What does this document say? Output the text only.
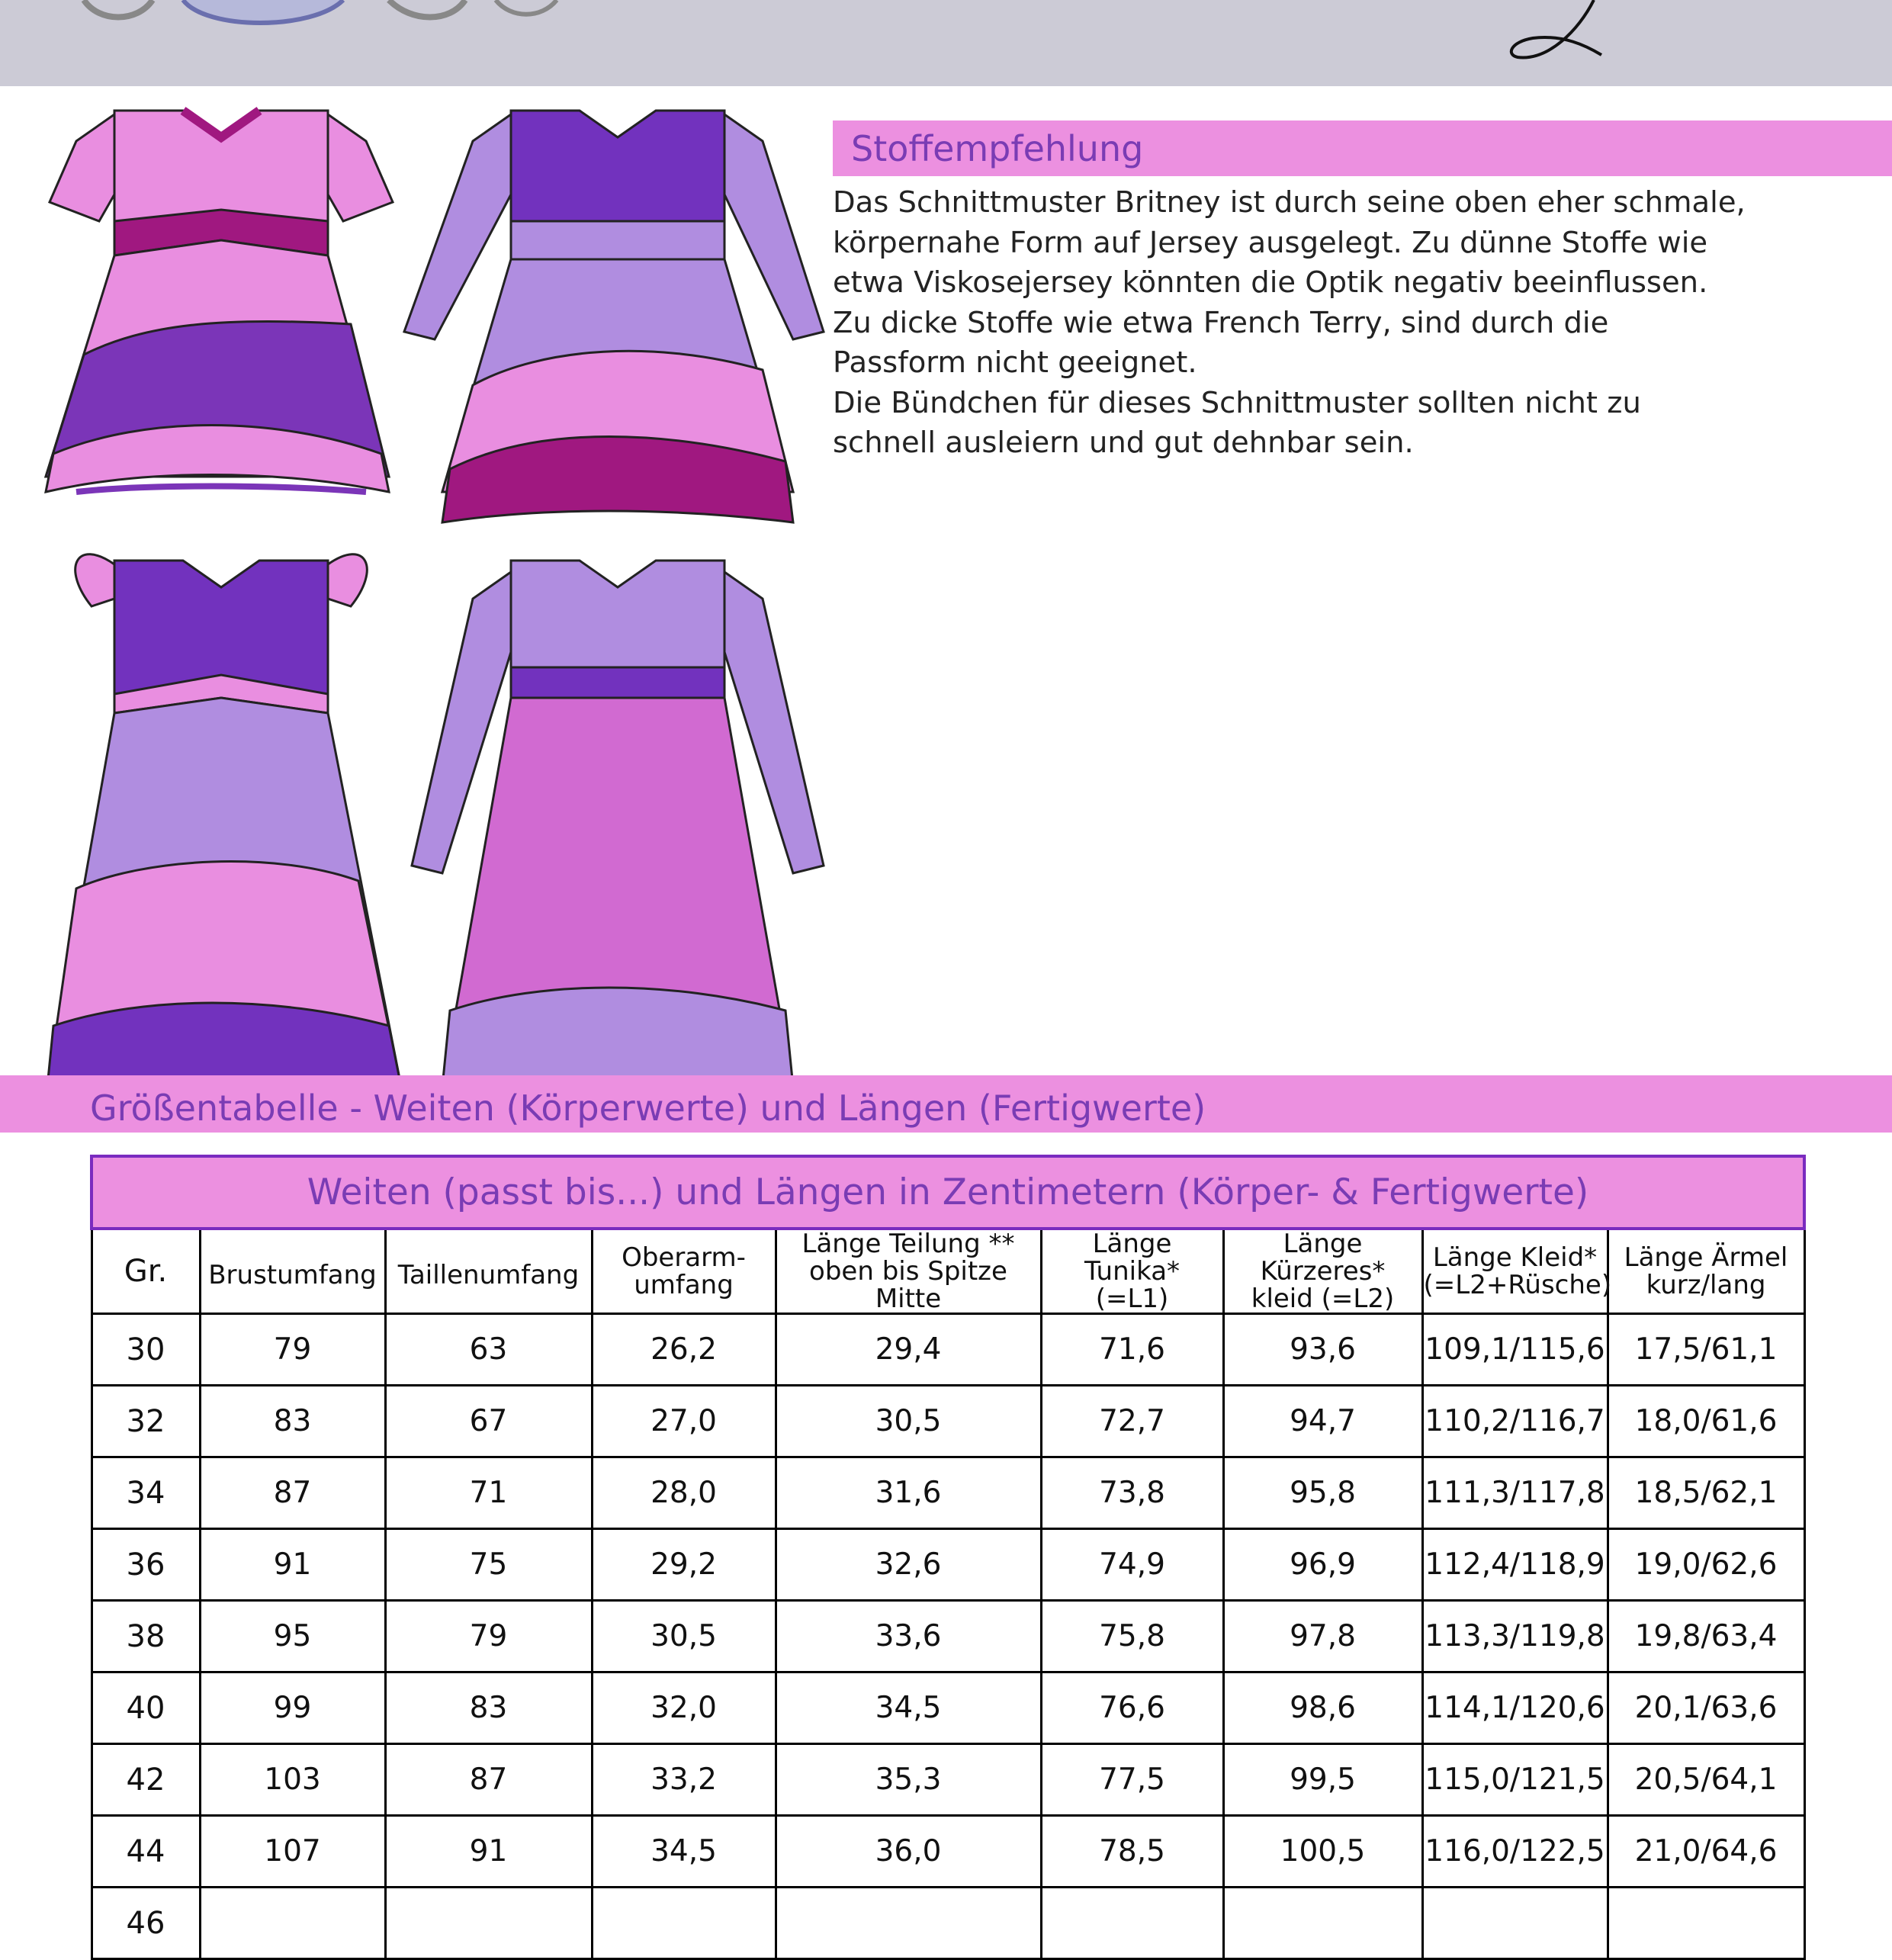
Stoffempfehlung

Das Schnittmuster Britney ist durch seine oben eher schmale,

körpernahe Form auf Jersey ausgelegt. Zu dünne Stoffe wie

etwa Viskosejersey könnten die Optik negativ beeinflussen.

Zu dicke Stoffe wie etwa French Terry, sind durch die

Passform nicht geeignet.

Die Bündchen für dieses Schnittmuster sollten nicht zu

schnell ausleiern und gut dehnbar sein.

Größentabelle - Weiten (Körperwerte) und Längen (Fertigwerte)
Weiten (passt bis...) und Längen in Zentimetern (Körper- & Fertigwerte)								
Gr.	Brustumfang	Taillenumfang	Oberarm-
umfang	Länge Teilung **
oben bis Spitze Mitte	Länge Tunika*
(=L1)	Länge Kürzeres*
kleid (=L2)	Länge Kleid*
(=L2+Rüsche)	Länge Ärmel
kurz/lang
30	79	63	26,2	29,4	71,6	93,6	109,1/115,6	17,5/61,1
32	83	67	27,0	30,5	72,7	94,7	110,2/116,7	18,0/61,6
34	87	71	28,0	31,6	73,8	95,8	111,3/117,8	18,5/62,1
36	91	75	29,2	32,6	74,9	96,9	112,4/118,9	19,0/62,6
38	95	79	30,5	33,6	75,8	97,8	113,3/119,8	19,8/63,4
40	99	83	32,0	34,5	76,6	98,6	114,1/120,6	20,1/63,6
42	103	87	33,2	35,3	77,5	99,5	115,0/121,5	20,5/64,1
44	107	91	34,5	36,0	78,5	100,5	116,0/122,5	21,0/64,6
46								
